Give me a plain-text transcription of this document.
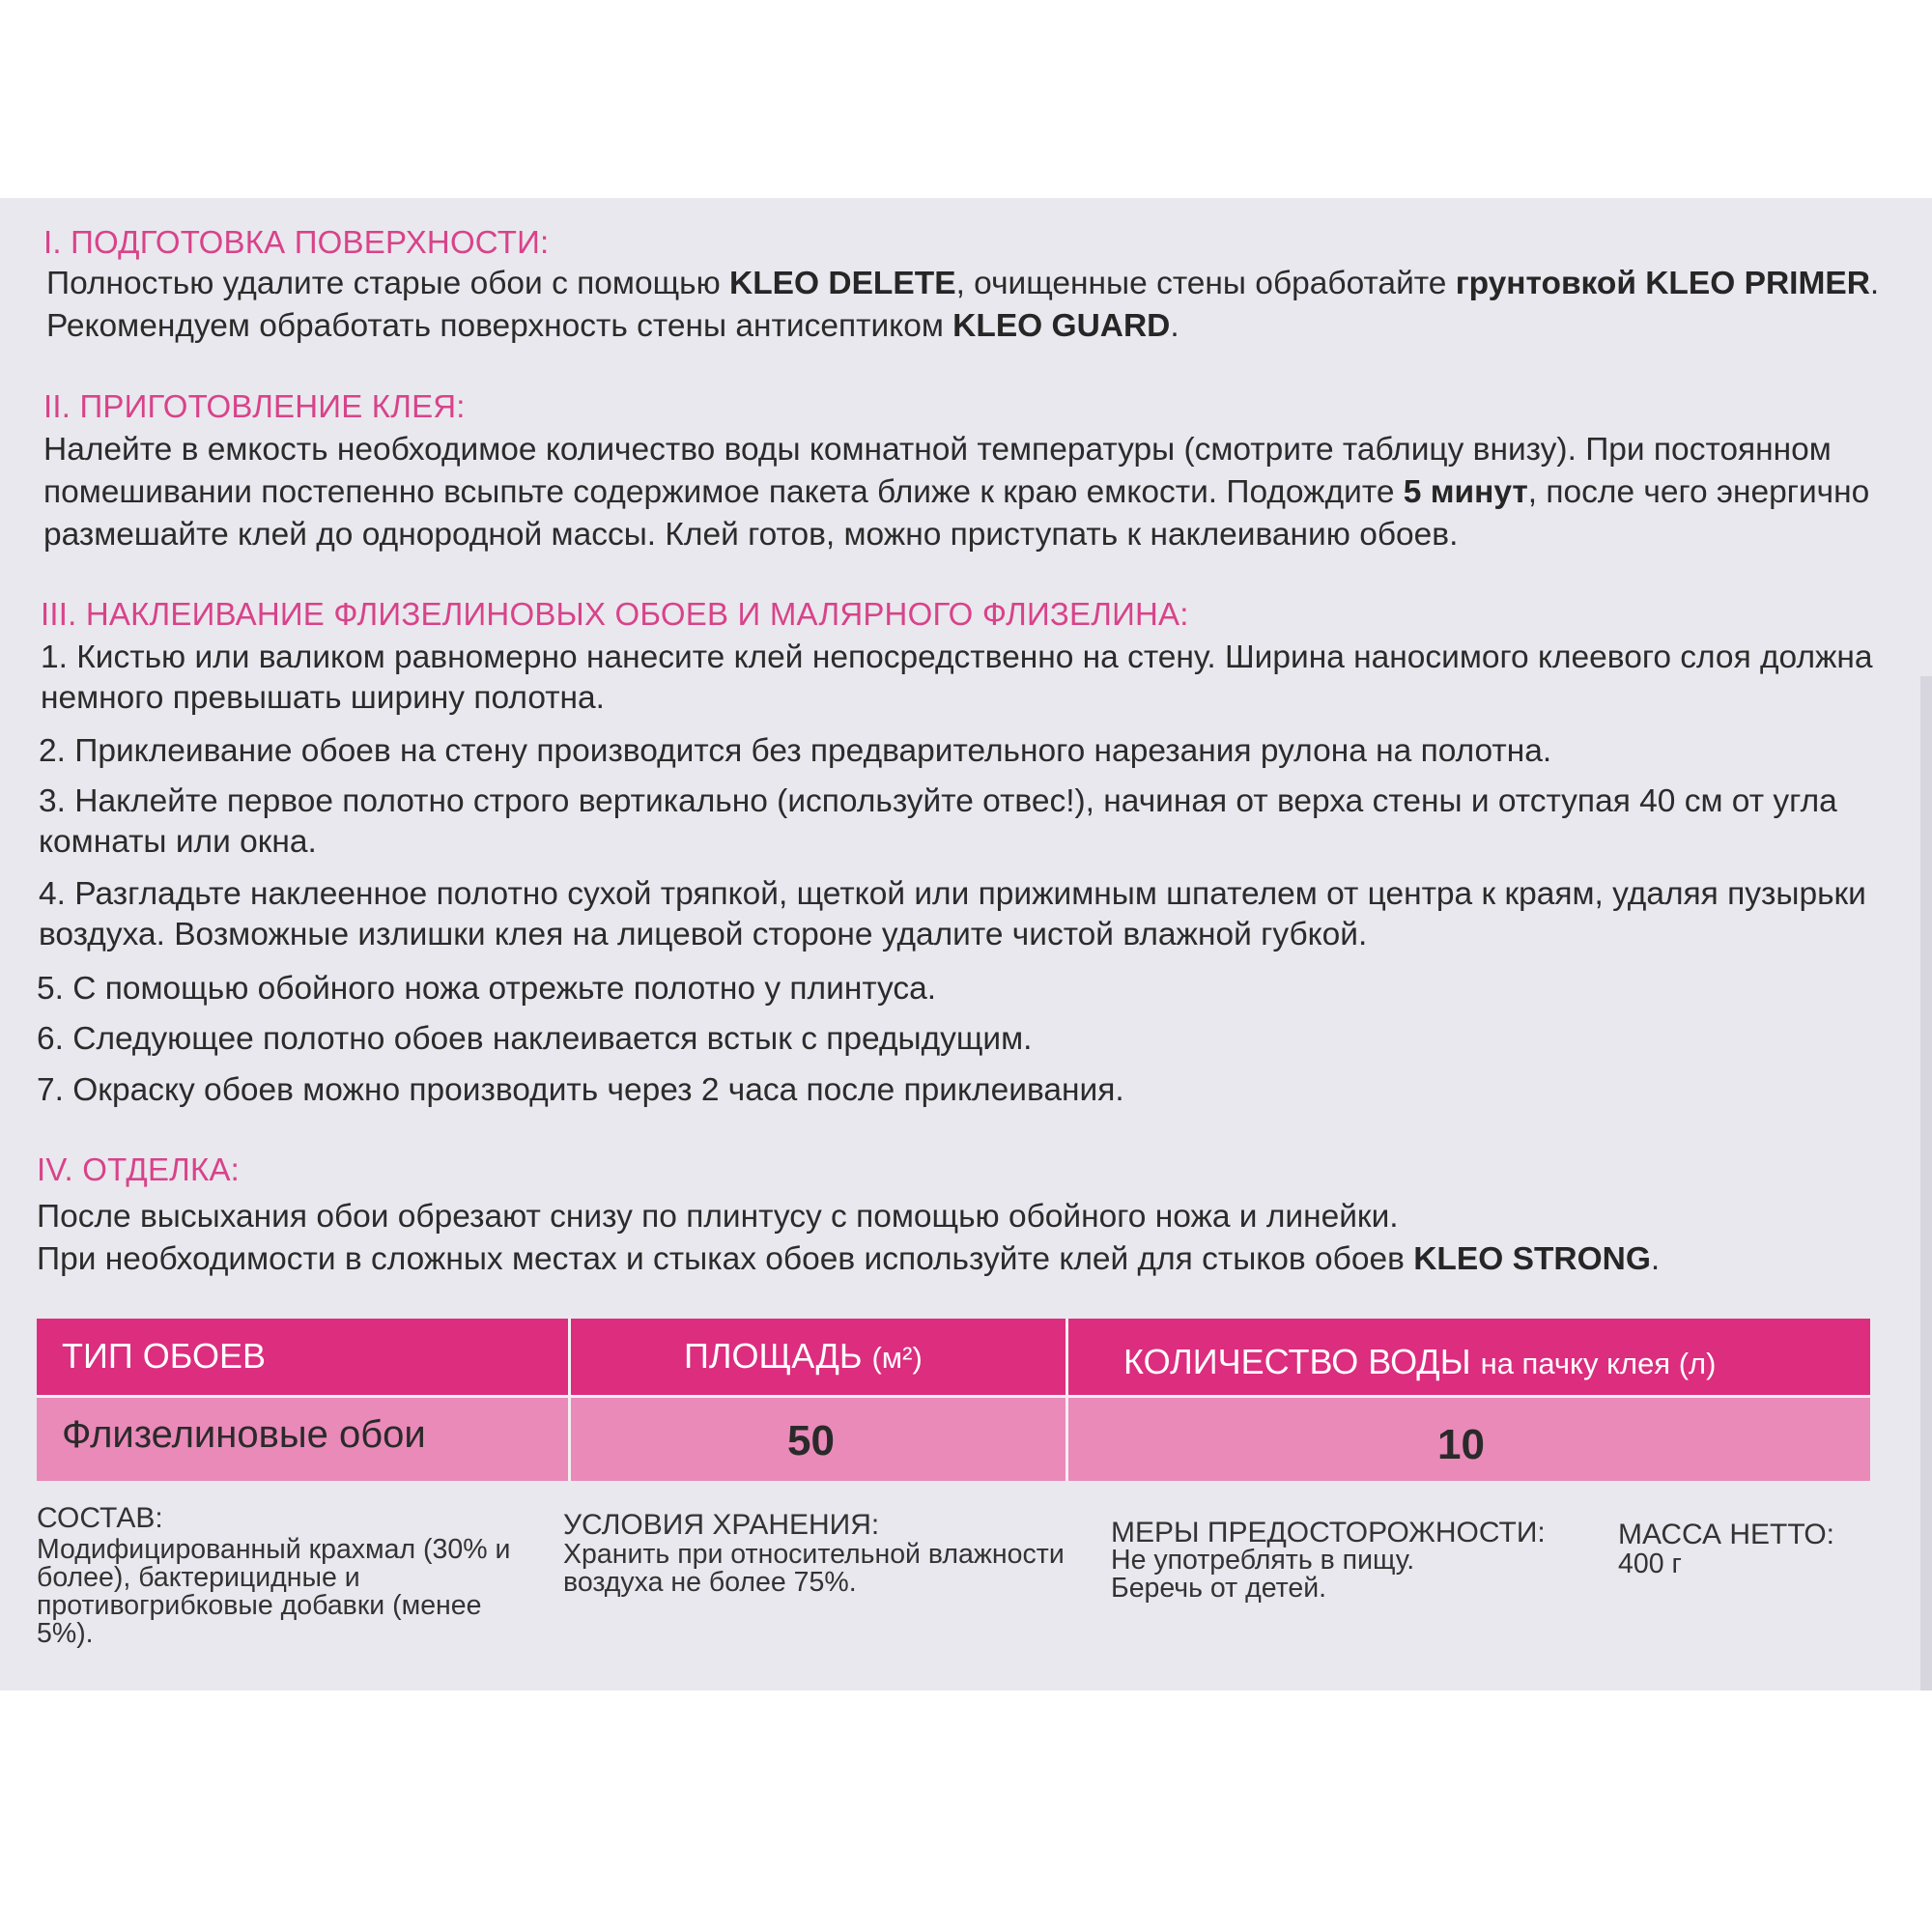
I. ПОДГОТОВКА ПОВЕРХНОСТИ:

Полностью удалите старые обои с помощью KLEO DELETE, очищенные стены обработайте грунтовкой KLEO PRIMER. Рекомендуем обработать поверхность стены антисептиком KLEO GUARD.

II. ПРИГОТОВЛЕНИЕ КЛЕЯ:

Налейте в емкость необходимое количество воды комнатной температуры (смотрите таблицу внизу). При постоянном помешивании постепенно всыпьте содержимое пакета ближе к краю емкости. Подождите 5 минут, после чего энергично размешайте клей до однородной массы. Клей готов, можно приступать к наклеиванию обоев.

III. НАКЛЕИВАНИЕ ФЛИЗЕЛИНОВЫХ ОБОЕВ И МАЛЯРНОГО ФЛИЗЕЛИНА:

1. Кистью или валиком равномерно нанесите клей непосредственно на стену. Ширина наносимого клеевого слоя должна немного превышать ширину полотна.

2. Приклеивание обоев на стену производится без предварительного нарезания рулона на полотна.

3. Наклейте первое полотно строго вертикально (используйте отвес!), начиная от верха стены и отступая 40 см от угла комнаты или окна.

4. Разгладьте наклеенное полотно сухой тряпкой, щеткой или прижимным шпателем от центра к краям, удаляя пузырьки воздуха. Возможные излишки клея на лицевой стороне удалите чистой влажной губкой.

5. С помощью обойного ножа отрежьте полотно у плинтуса.

6. Следующее полотно обоев наклеивается встык с предыдущим.

7. Окраску обоев можно производить через 2 часа после приклеивания.

IV. ОТДЕЛКА:

После высыхания обои обрезают снизу по плинтусу с помощью обойного ножа и линейки.

При необходимости в сложных местах и стыках обоев используйте клей для стыков обоев KLEO STRONG.

ТИП ОБОЕВ	ПЛОЩАДЬ (м²)	КОЛИЧЕСТВО ВОДЫ на пачку клея (л)
Флизелиновые обои	50	10

СОСТАВ:

Модифицированный крахмал (30% и более), бактерицидные и противогрибковые добавки (менее 5%).

УСЛОВИЯ ХРАНЕНИЯ:

Хранить при относительной влажности воздуха не более 75%.

МЕРЫ ПРЕДОСТОРОЖНОСТИ:

Не употреблять в пищу.

Беречь от детей.

МАССА НЕТТО:

400 г
